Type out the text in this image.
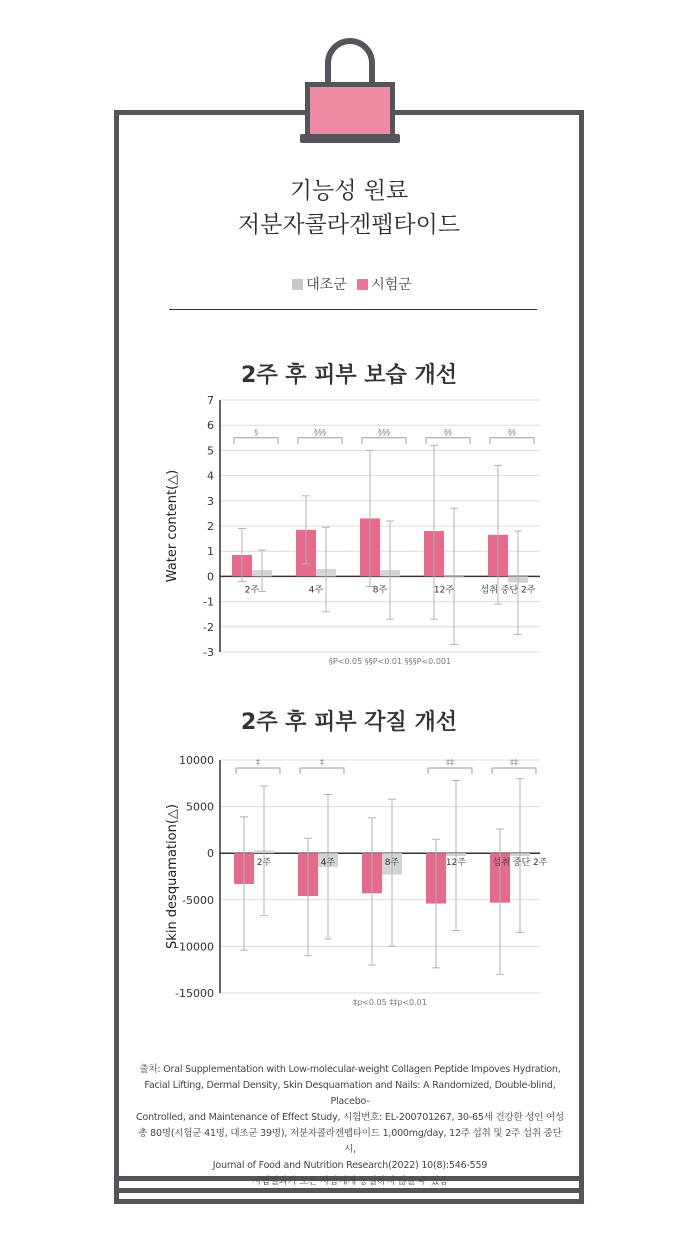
기능성 원료
저분자콜라겐펩타이드
대조군 시험군
2주 후 피부 보습 개선
7
6
5
4
3
2
1
0
-1
-2
-3
Water content(△)
2주
§
4주
§§§
8주
§§§
12주
§§
섭취 중단 2주
§§
§P<0.05 §§P<0.01 §§§P<0.001
2주 후 피부 각질 개선
10000
5000
0
-5000
-10000
-15000
Skin desquamation(△)	2주
‡
4주
‡
8주	12주
‡‡
섭취 중단 2주
‡‡
‡p<0.05 ‡‡p<0.01
출처: Oral Supplementation with Low-molecular-weight Collagen Peptide Impoves Hydration,
Facial Lifting, Dermal Density, Skin Desquamation and Nails: A Randomized, Double-blind, Placebo-
Controlled, and Maintenance of Effect Study, 시험번호: EL-200701267, 30-65세 건강한 성인 여성
총 80명(시험군 41명, 대조군 39명), 저분자콜라겐펩타이드 1,000mg/day, 12주 섭취 및 2주 섭취 중단 시,
Journal of Food and Nutrition Research(2022) 10(8):546-559
시험결과가 모든 사람에게 동일하지 않을 수 있음
